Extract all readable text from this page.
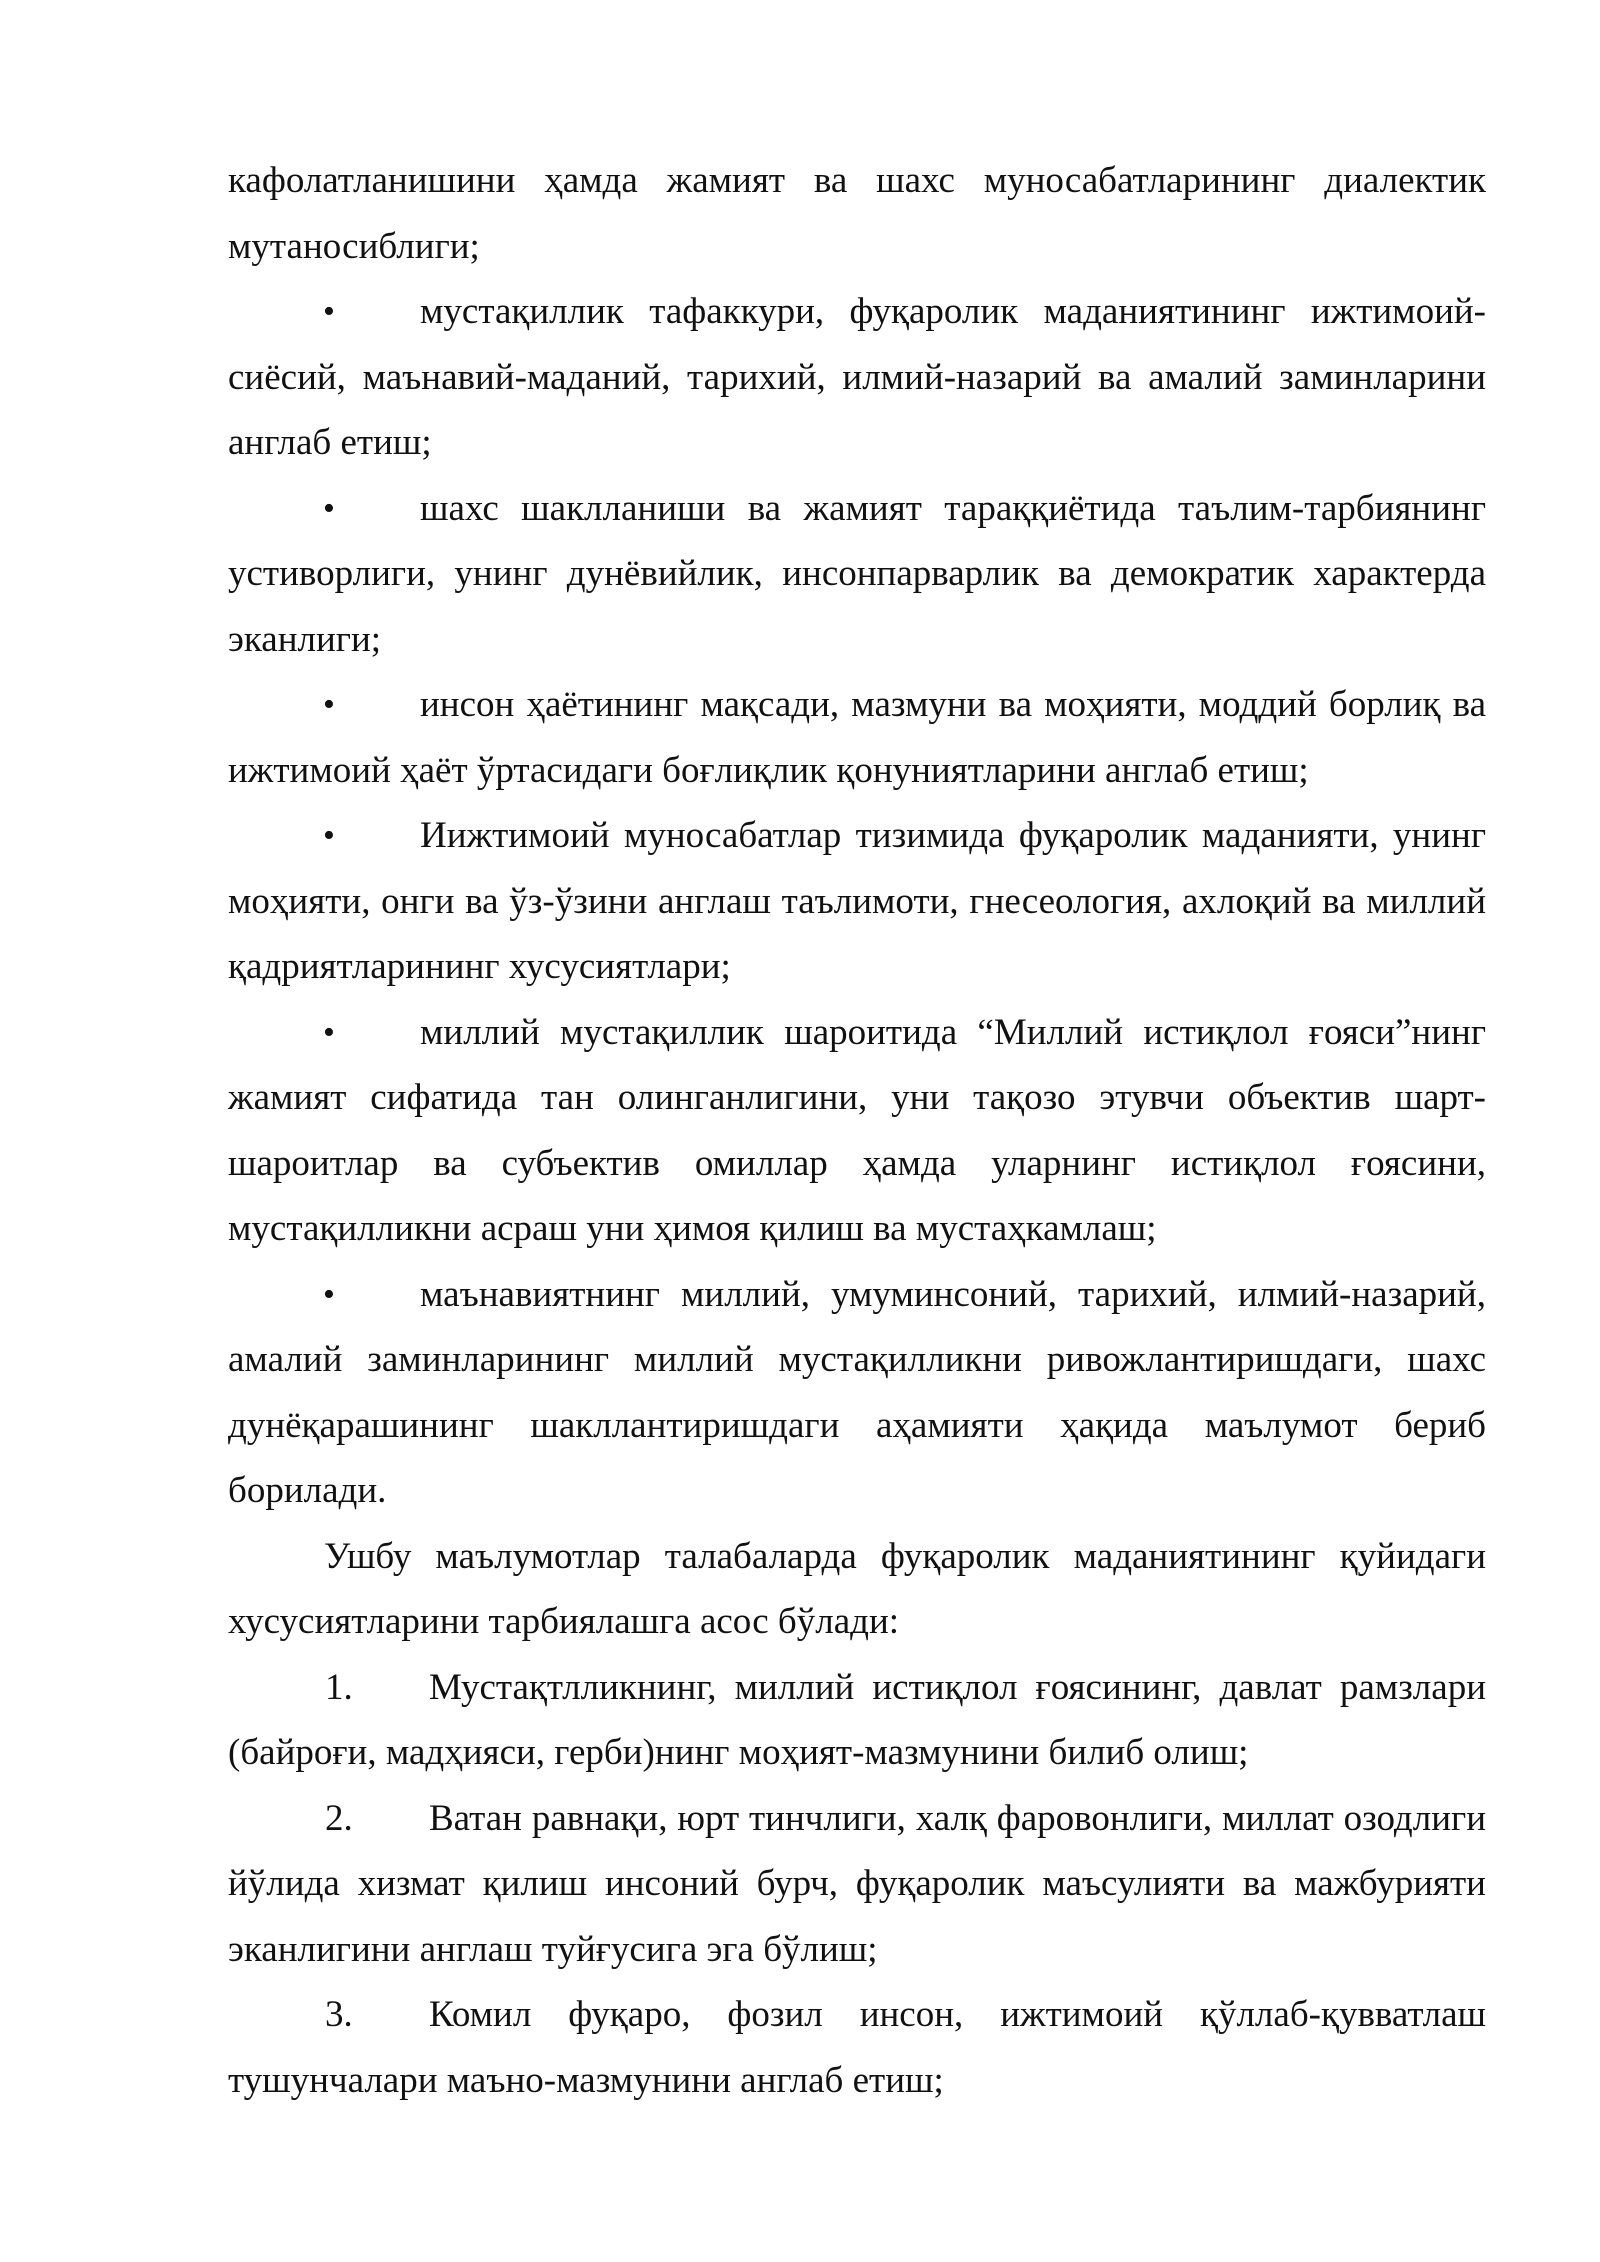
кафолатланишини ҳамда жамият ва шахс муносабатларининг диалектик мутаносиблиги;

• мустақиллик тафаккури, фуқаролик маданиятининг ижтимоий-сиёсий, маънавий-маданий, тарихий, илмий-назарий ва амалий заминларини англаб етиш;

• шахс шаклланиши ва жамият тараққиётида таълим-тарбиянинг устиворлиги, унинг дунёвийлик, инсонпарварлик ва демократик характерда эканлиги;

• инсон ҳаётининг мақсади, мазмуни ва моҳияти, моддий борлиқ ва ижтимоий ҳаёт ўртасидаги боғлиқлик қонуниятларини англаб етиш;

• Иижтимоий муносабатлар тизимида фуқаролик маданияти, унинг моҳияти, онги ва ўз-ўзини англаш таълимоти, гнесеология, ахлоқий ва миллий қадриятларининг хусусиятлари;

• миллий мустақиллик шароитида “Миллий истиқлол ғояси”нинг жамият сифатида тан олинганлигини, уни тақозо этувчи объектив шарт-шароитлар ва субъектив омиллар ҳамда уларнинг истиқлол ғоясини, мустақилликни асраш уни ҳимоя қилиш ва мустаҳкамлаш;

• маънавиятнинг миллий, умуминсоний, тарихий, илмий-назарий, амалий заминларининг миллий мустақилликни ривожлантиришдаги, шахс дунёқарашининг шакллантиришдаги аҳамияти ҳақида маълумот бериб борилади.

Ушбу маълумотлар талабаларда фуқаролик маданиятининг қуйидаги хусусиятларини тарбиялашга асос бўлади:

1. Мустақтлликнинг, миллий истиқлол ғоясининг, давлат рамзлари (байроғи, мадҳияси, герби)нинг моҳият-мазмунини билиб олиш;

2. Ватан равнақи, юрт тинчлиги, халқ фаровонлиги, миллат озодлиги йўлида хизмат қилиш инсоний бурч, фуқаролик маъсулияти ва мажбурияти эканлигини англаш туйғусига эга бўлиш;

3. Комил фуқаро, фозил инсон, ижтимоий қўллаб-қувватлаш тушунчалари маъно-мазмунини англаб етиш;
